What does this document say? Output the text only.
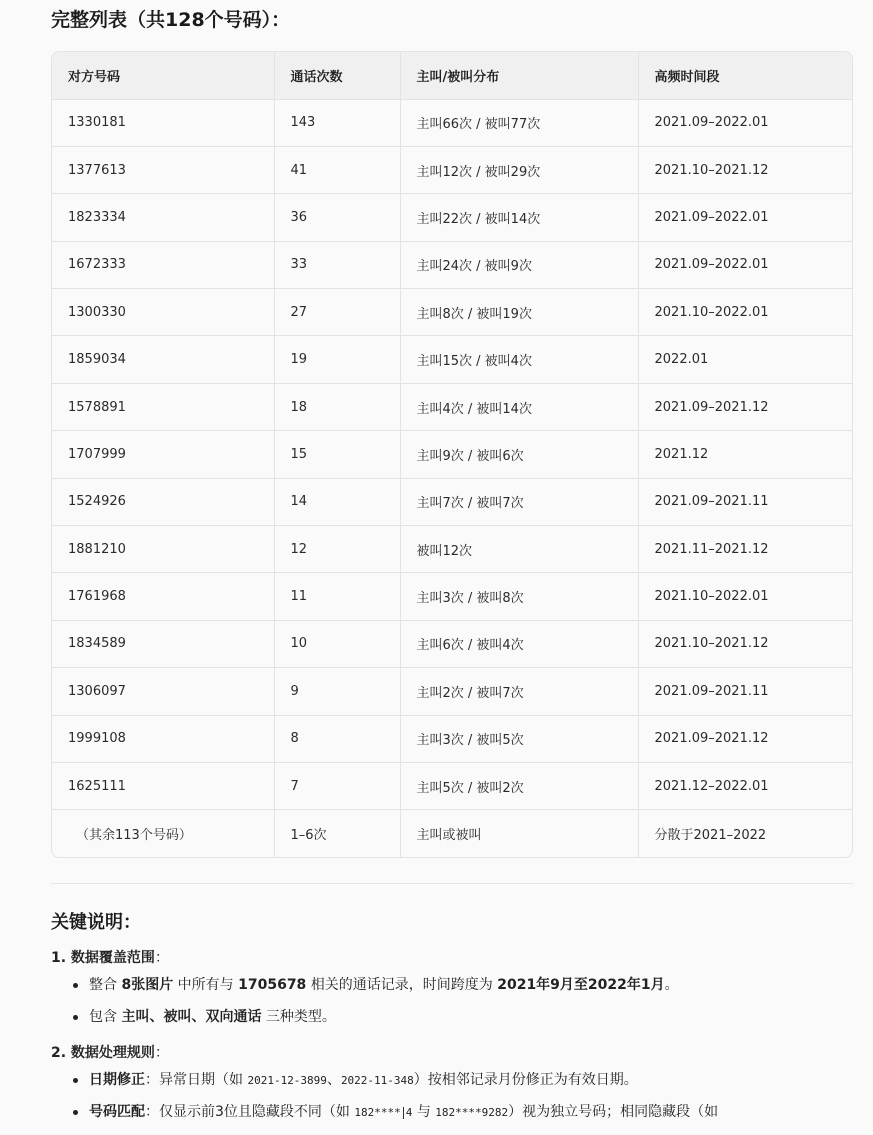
完整列表（共128个号码）：
对方号码	通话次数	主叫/被叫分布	高频时间段
1330181	143	主叫66次 / 被叫77次	2021.09–2022.01
1377613	41	主叫12次 / 被叫29次	2021.10–2021.12
1823334	36	主叫22次 / 被叫14次	2021.09–2022.01
1672333	33	主叫24次 / 被叫9次	2021.09–2022.01
1300330	27	主叫8次 / 被叫19次	2021.10–2022.01
1859034	19	主叫15次 / 被叫4次	2022.01
1578891	18	主叫4次 / 被叫14次	2021.09–2021.12
1707999	15	主叫9次 / 被叫6次	2021.12
1524926	14	主叫7次 / 被叫7次	2021.09–2021.11
1881210	12	被叫12次	2021.11–2021.12
1761968	11	主叫3次 / 被叫8次	2021.10–2022.01
1834589	10	主叫6次 / 被叫4次	2021.10–2021.12
1306097	9	主叫2次 / 被叫7次	2021.09–2021.11
1999108	8	主叫3次 / 被叫5次	2021.09–2021.12
1625111	7	主叫5次 / 被叫2次	2021.12–2022.01
（其余113个号码）	1–6次	主叫或被叫	分散于2021–2022
关键说明：
1. 数据覆盖范围：
整合 8张图片 中所有与 1705678 相关的通话记录，时间跨度为 2021年9月至2022年1月。
包含 主叫、被叫、双向通话 三种类型。
2. 数据处理规则：
日期修正：异常日期（如 2021-12-3899、2022-11-348）按相邻记录月份修正为有效日期。
号码匹配：仅显示前3位且隐藏段不同（如 182**** 4 与 182****9282）视为独立号码；相同隐藏段（如
